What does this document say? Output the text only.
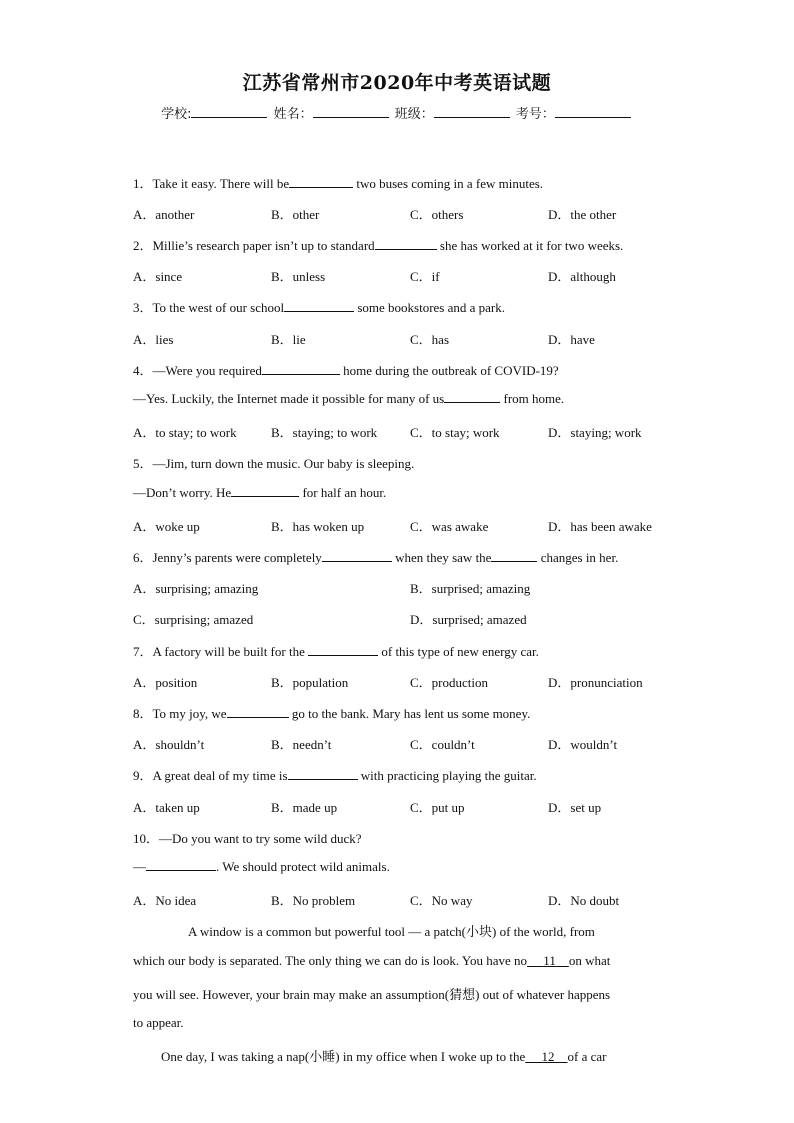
江苏省常州市2020年中考英语试题
学校:	姓名：	班级：	考号：
1．Take it easy. There will be	two buses coming in a few minutes.
A．another	B．other	C．others	D．the other
2．Millie’s research paper isn’t up to standard	she has worked at it for two weeks.
A．since	B．unless	C．if	D．although
3．To the west of our school	some bookstores and a park.
A．lies	B．lie	C．has	D．have
4．—Were you required	home during the outbreak of COVID-19?
—Yes. Luckily, the Internet made it possible for many of us	from home.
A．to stay; to work	B．staying; to work	C．to stay; work	D．staying; work
5．—Jim, turn down the music. Our baby is sleeping.
—Don’t worry. He	for half an hour.
A．woke up	B．has woken up	C．was awake	D．has been awake
6．Jenny’s parents were completely	when they saw the	changes in her.
A．surprising; amazing	B．surprised; amazing
C．surprising; amazed	D．surprised; amazed
7．A factory will be built for the	of this type of new energy car.
A．position	B．population	C．production	D．pronunciation
8．To my joy, we	go to the bank. Mary has lent us some money.
A．shouldn’t	B．needn’t	C．couldn’t	D．wouldn’t
9．A great deal of my time is	with practicing playing the guitar.
A．taken up	B．made up	C．put up	D．set up
10．—Do you want to try some wild duck?
—	. We should protect wild animals.
A．No idea	B．No problem	C．No way	D．No doubt
A window is a common but powerful tool — a patch(小块) of the world, from
which our body is separated. The only thing we can do is look. You have no 11 on what
you will see. However, your brain may make an assumption(猜想) out of whatever happens
to appear.
One day, I was taking a nap(小睡) in my office when I woke up to the 12 of a car
